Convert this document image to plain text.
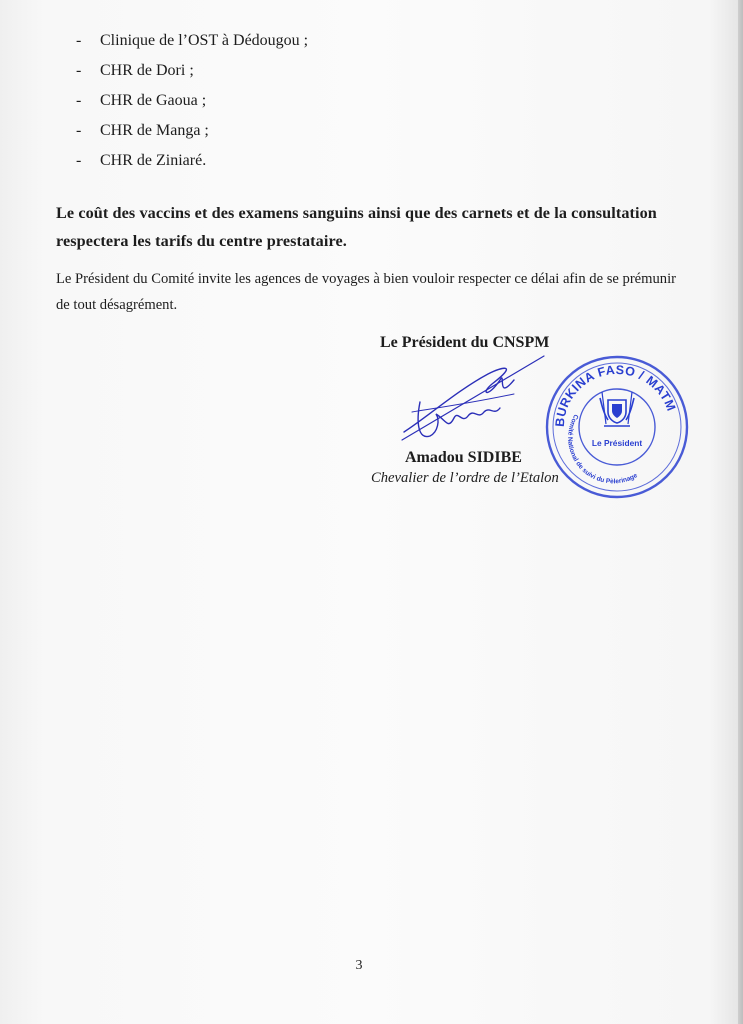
- Clinique de l’OST à Dédougou ;
- CHR de Dori ;
- CHR de Gaoua ;
- CHR de Manga ;
- CHR de Ziniaré.

Le coût des vaccins et des examens sanguins ainsi que des carnets et de la consultation respectera les tarifs du centre prestataire.

Le Président du Comité invite les agences de voyages à bien vouloir respecter ce délai afin de se prémunir de tout désagrément.

Le Président du CNSPM
Amadou SIDIBE
Chevalier de l’ordre de l’Etalon
BURKINA FASO / MATM
Comité National de suivi du Pèlerinage
Le Président
3
